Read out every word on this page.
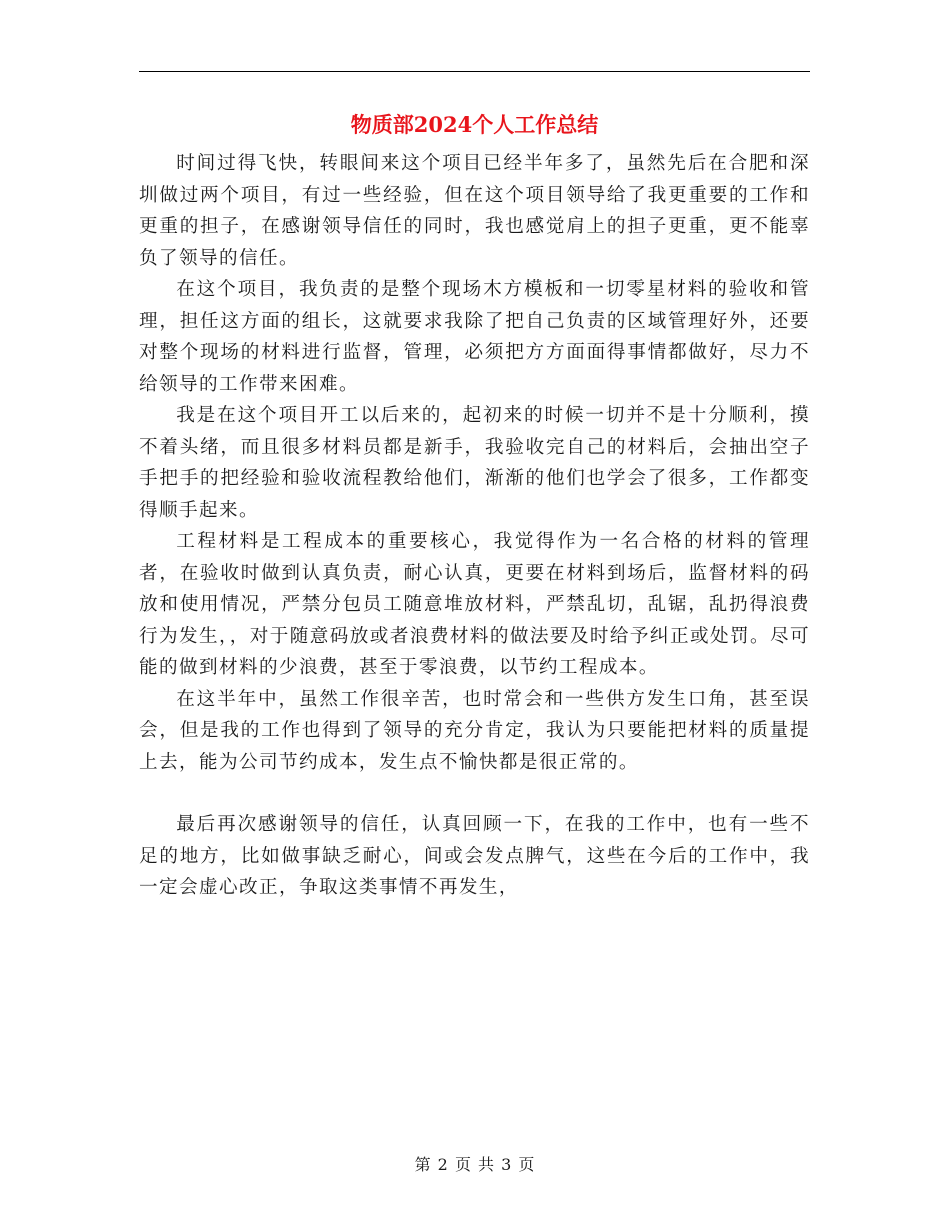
物质部2024个人工作总结

时间过得飞快，转眼间来这个项目已经半年多了，虽然先后在合肥和深圳做过两个项目，有过一些经验，但在这个项目领导给了我更重要的工作和更重的担子，在感谢领导信任的同时，我也感觉肩上的担子更重，更不能辜负了领导的信任。

在这个项目，我负责的是整个现场木方模板和一切零星材料的验收和管理，担任这方面的组长，这就要求我除了把自己负责的区域管理好外，还要对整个现场的材料进行监督，管理，必须把方方面面得事情都做好，尽力不给领导的工作带来困难。

我是在这个项目开工以后来的，起初来的时候一切并不是十分顺利，摸不着头绪，而且很多材料员都是新手，我验收完自己的材料后，会抽出空子手把手的把经验和验收流程教给他们，渐渐的他们也学会了很多，工作都变得顺手起来。

工程材料是工程成本的重要核心，我觉得作为一名合格的材料的管理者，在验收时做到认真负责，耐心认真，更要在材料到场后，监督材料的码放和使用情况，严禁分包员工随意堆放材料，严禁乱切，乱锯，乱扔得浪费行为发生，，对于随意码放或者浪费材料的做法要及时给予纠正或处罚。尽可能的做到材料的少浪费，甚至于零浪费，以节约工程成本。

在这半年中，虽然工作很辛苦，也时常会和一些供方发生口角，甚至误会，但是我的工作也得到了领导的充分肯定，我认为只要能把材料的质量提上去，能为公司节约成本，发生点不愉快都是很正常的。

最后再次感谢领导的信任，认真回顾一下，在我的工作中，也有一些不足的地方，比如做事缺乏耐心，间或会发点脾气，这些在今后的工作中，我一定会虚心改正，争取这类事情不再发生，

第 2 页 共 3 页
